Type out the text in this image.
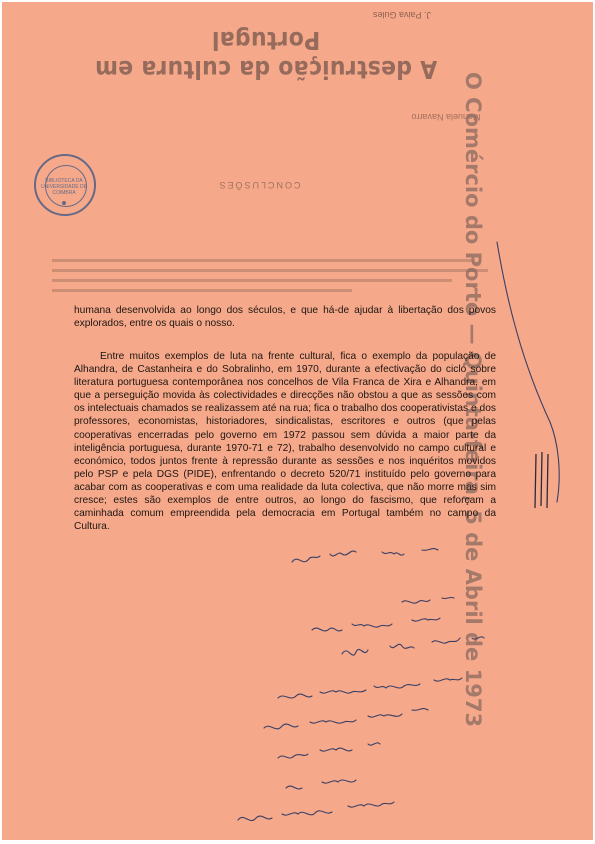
J. Paiva Gules
A destruição da cultura em Portugal
Manuela Navarro
CONCLUSÕES	O Comércio do Porto — Quinta-feira, 5 de Abril de 1973
BIBLIOTECA DA UNIVERSIDADE DE COIMBRA
humana desenvolvida ao longo dos séculos, e que há-de ajudar à libertação dos povos explorados, entre os quais o nosso.
Entre muitos exemplos de luta na frente cultural, fica o exemplo da população de Alhandra, de Castanheira e do Sobralinho, em 1970, durante a efectivação do ciclo sobre literatura portuguesa contemporânea nos concelhos de Vila Franca de Xira e Alhandra, em que a perseguição movida às colectividades e direcções não obstou a que as sessões com os intelectuais chamados se realizassem até na rua; fica o trabalho dos cooperativistas e dos professores, economistas, historiadores, sindicalistas, escritores e outros (que pelas cooperativas encerradas pelo governo em 1972 passou sem dúvida a maior parte da inteligência portuguesa, durante 1970-71 e 72), trabalho desenvolvido no campo cultural e económico, todos juntos frente à repressão durante as sessões e nos inquéritos movidos pelo PSP e pela DGS (PIDE), enfrentando o decreto 520/71 instituído pelo governo para acabar com as cooperativas e com uma realidade da luta colectiva, que não morre mas sim cresce; estes são exemplos de entre outros, ao longo do fascismo, que reforçam a caminhada comum empreendida pela democracia em Portugal também no campo da Cultura.
